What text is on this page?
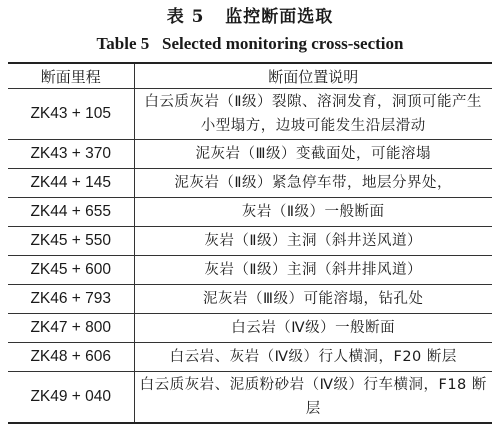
表 5   监控断面选取
Table 5   Selected monitoring cross-section
断面里程	断面位置说明
ZK43 + 105	白云质灰岩（Ⅱ级）裂隙、溶洞发育，洞顶可能产生小型塌方，边坡可能发生沿层滑动
ZK43 + 370	泥灰岩（Ⅲ级）变截面处，可能溶塌
ZK44 + 145	泥灰岩（Ⅱ级）紧急停车带，地层分界处，
ZK44 + 655	灰岩（Ⅱ级）一般断面
ZK45 + 550	灰岩（Ⅱ级）主洞（斜井送风道）
ZK45 + 600	灰岩（Ⅱ级）主洞（斜井排风道）
ZK46 + 793	泥灰岩（Ⅲ级）可能溶塌，钻孔处
ZK47 + 800	白云岩（Ⅳ级）一般断面
ZK48 + 606	白云岩、灰岩（Ⅳ级）行人横洞，F20 断层
ZK49 + 040	白云质灰岩、泥质粉砂岩（Ⅳ级）行车横洞，F18 断层
